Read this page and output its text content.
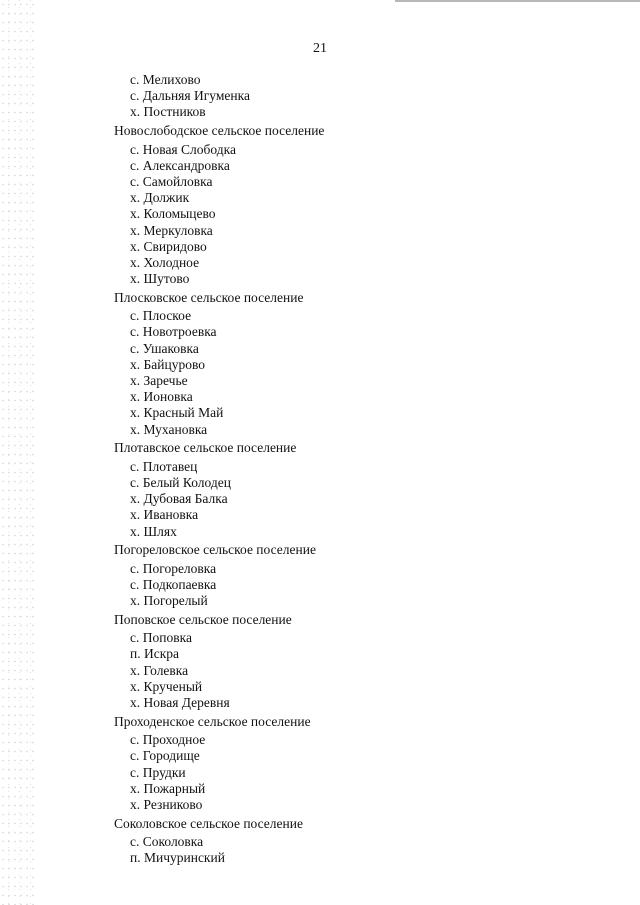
21
с. Мелихово
с. Дальняя Игуменка
х. Постников
Новослободское сельское поселение
с. Новая Слободка
с. Александровка
с. Самойловка
х. Должик
х. Коломыцево
х. Меркуловка
х. Свиридово
х. Холодное
х. Шутово
Плосковское сельское поселение
с. Плоское
с. Новотроевка
с. Ушаковка
х. Байцурово
х. Заречье
х. Ионовка
х. Красный Май
х. Мухановка
Плотавское сельское поселение
с. Плотавец
с. Белый Колодец
х. Дубовая Балка
х. Ивановка
х. Шлях
Погореловское сельское поселение
с. Погореловка
с. Подкопаевка
х. Погорелый
Поповское сельское поселение
с. Поповка
п. Искра
х. Голевка
х. Крученый
х. Новая Деревня
Проходенское сельское поселение
с. Проходное
с. Городище
с. Прудки
х. Пожарный
х. Резниково
Соколовское сельское поселение
с. Соколовка
п. Мичуринский
